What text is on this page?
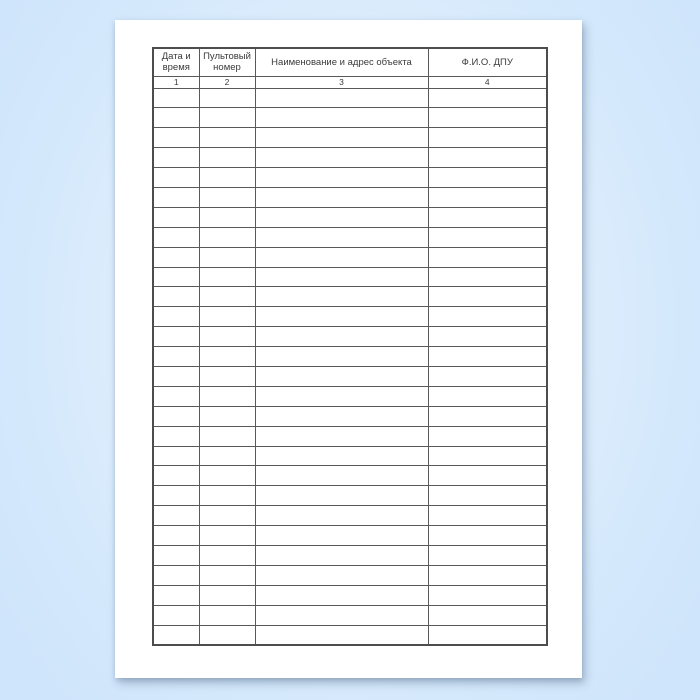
Дата и время	Пультовый номер	Наименование и адрес объекта	Ф.И.О. ДПУ
1	2	3	4
